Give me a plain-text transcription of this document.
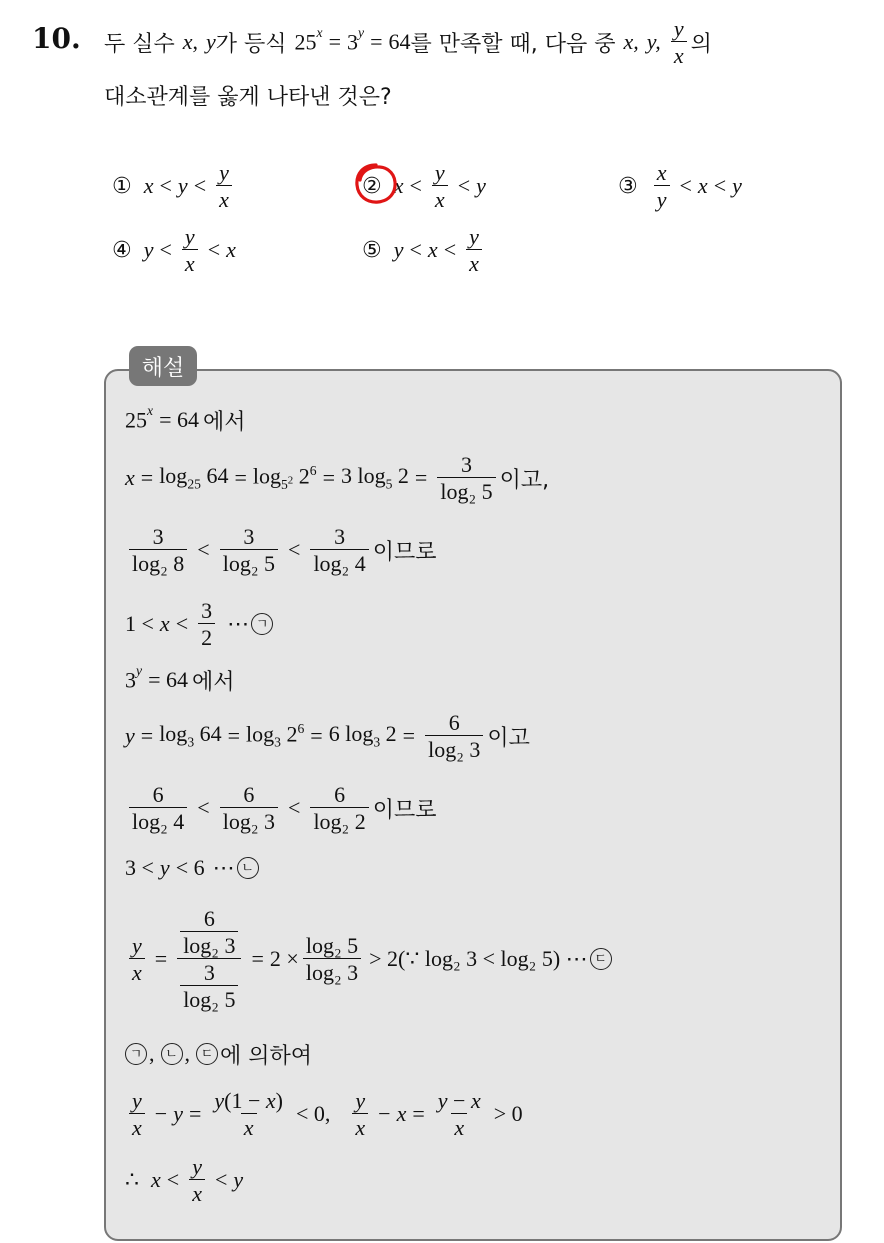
10. 두 실수 x , y 가 등식 $25^x = 3^y = 64$ 를 만족할 때, 다음 중 x, y, $\frac{y}{x}$ 의
대소관계를 옳게 나타낸 것은?
① $x < y < \frac{y}{x}$	② $x < \frac{y}{x} < y$	③ $\frac{x}{y} < x < y$
④ $y < \frac{y}{x} < x$	⑤ $y < x < \frac{y}{x}$
해설
$25^x = 64$ 에서
$x = \log_{25} 64 = \log_{5^2} 2^6 = 3$ $\log_5 2 = \frac{3}{\text{log₂ 5}}$ 이고,
$\frac{3}{\text{log₂ 8}} < \frac{3}{\text{log₂ 5}} < \frac{3}{\text{log₂ 4}}$ 이므로
$1 < x < \frac{3}{2}$ ⋯ ㄱ
$3^y = 64$ 에서
$y = \log_3 64 = \log_3 2^6 = 6$ $\log_3 2 = \frac{6}{\text{log₂ 3}}$ 이고
$\frac{6}{\text{log₂ 4}} < \frac{6}{\text{log₂ 3}} < \frac{6}{\text{log₂ 2}}$ 이므로
3 < y < 6 ⋯ ㄴ
$\frac{y}{x} = \frac{\frac{6}{\text{log₂ 3}}}{\frac{3}{\text{log₂ 5}}} = 2 \times \frac{\text{log₂ 5}}{\text{log₂ 3}}$ > 2(∵ log₂ 3 < log₂ 5) ⋯ ㄷ
ㄱ , ㄴ , ㄷ 에 의하여
$\frac{y}{x} - y = \frac{y(1 - x)}{x} < 0$, $\frac{y}{x} - x = \frac{y - x}{x} > 0$
∴ $x < \frac{y}{x} < y$
